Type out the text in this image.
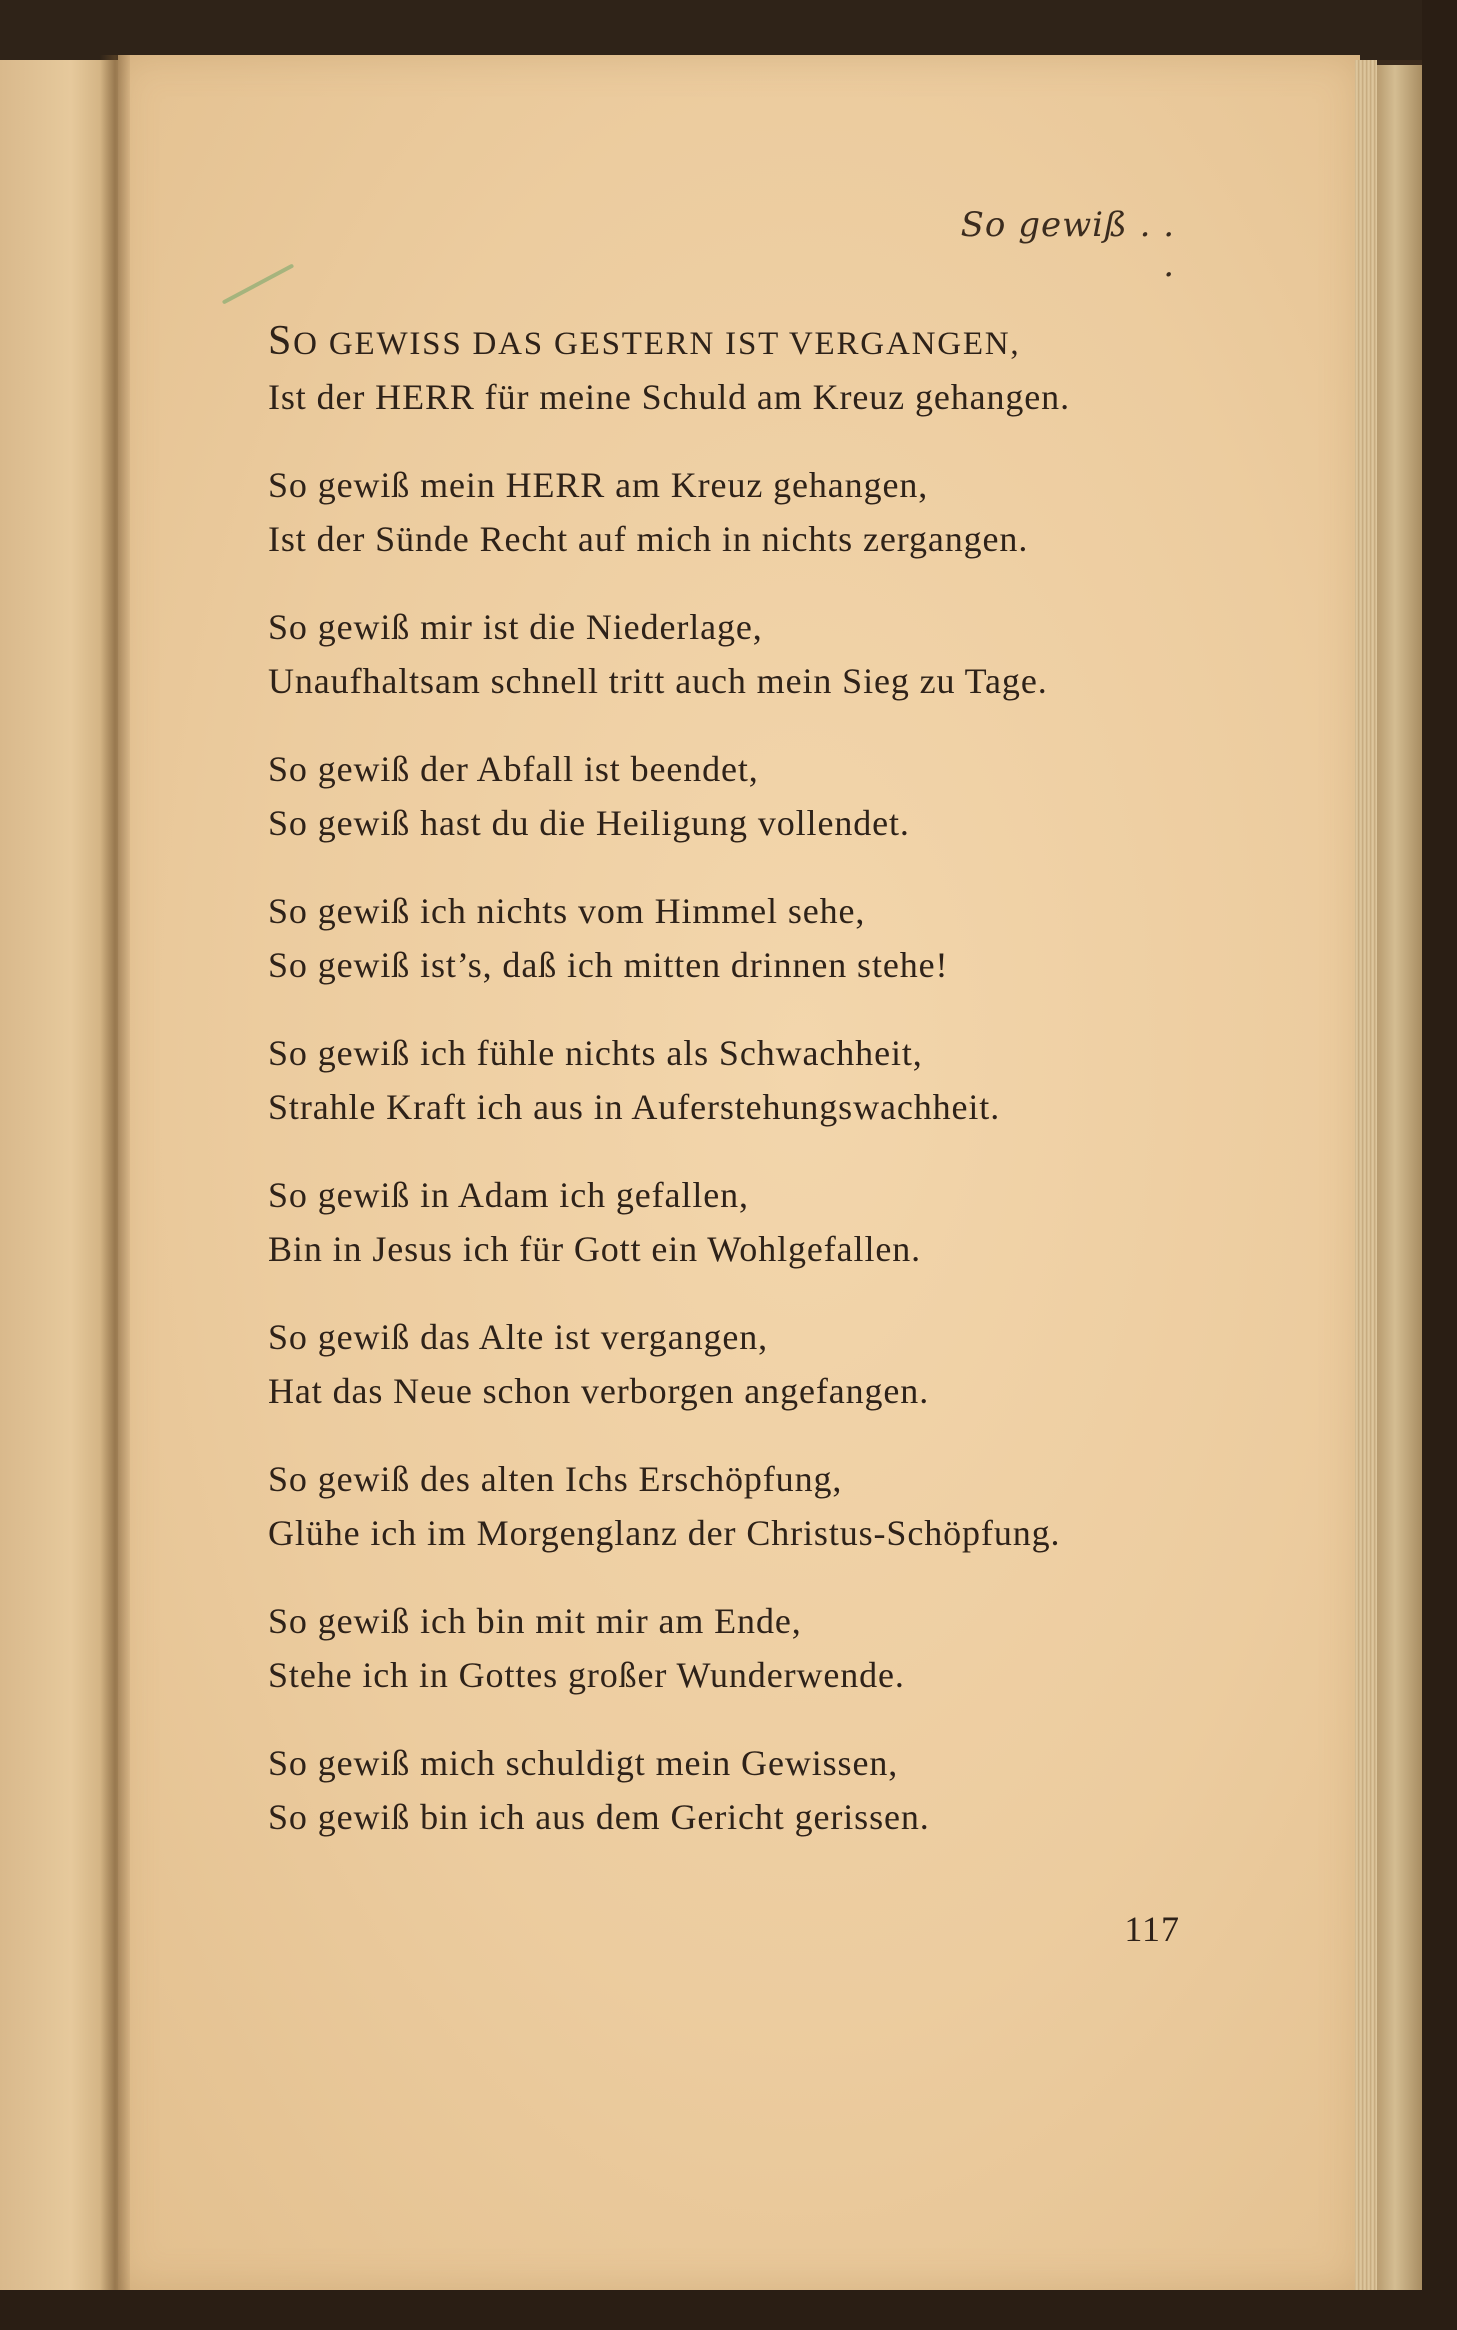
So gewiß . . .
SO GEWISS DAS GESTERN IST VERGANGEN,
Ist der HERR für meine Schuld am Kreuz gehangen.
So gewiß mein HERR am Kreuz gehangen,
Ist der Sünde Recht auf mich in nichts zergangen.
So gewiß mir ist die Niederlage,
Unaufhaltsam schnell tritt auch mein Sieg zu Tage.
So gewiß der Abfall ist beendet,
So gewiß hast du die Heiligung vollendet.
So gewiß ich nichts vom Himmel sehe,
So gewiß ist’s, daß ich mitten drinnen stehe!
So gewiß ich fühle nichts als Schwachheit,
Strahle Kraft ich aus in Auferstehungswachheit.
So gewiß in Adam ich gefallen,
Bin in Jesus ich für Gott ein Wohlgefallen.
So gewiß das Alte ist vergangen,
Hat das Neue schon verborgen angefangen.
So gewiß des alten Ichs Erschöpfung,
Glühe ich im Morgenglanz der Christus-Schöpfung.
So gewiß ich bin mit mir am Ende,
Stehe ich in Gottes großer Wunderwende.
So gewiß mich schuldigt mein Gewissen,
So gewiß bin ich aus dem Gericht gerissen.
117
